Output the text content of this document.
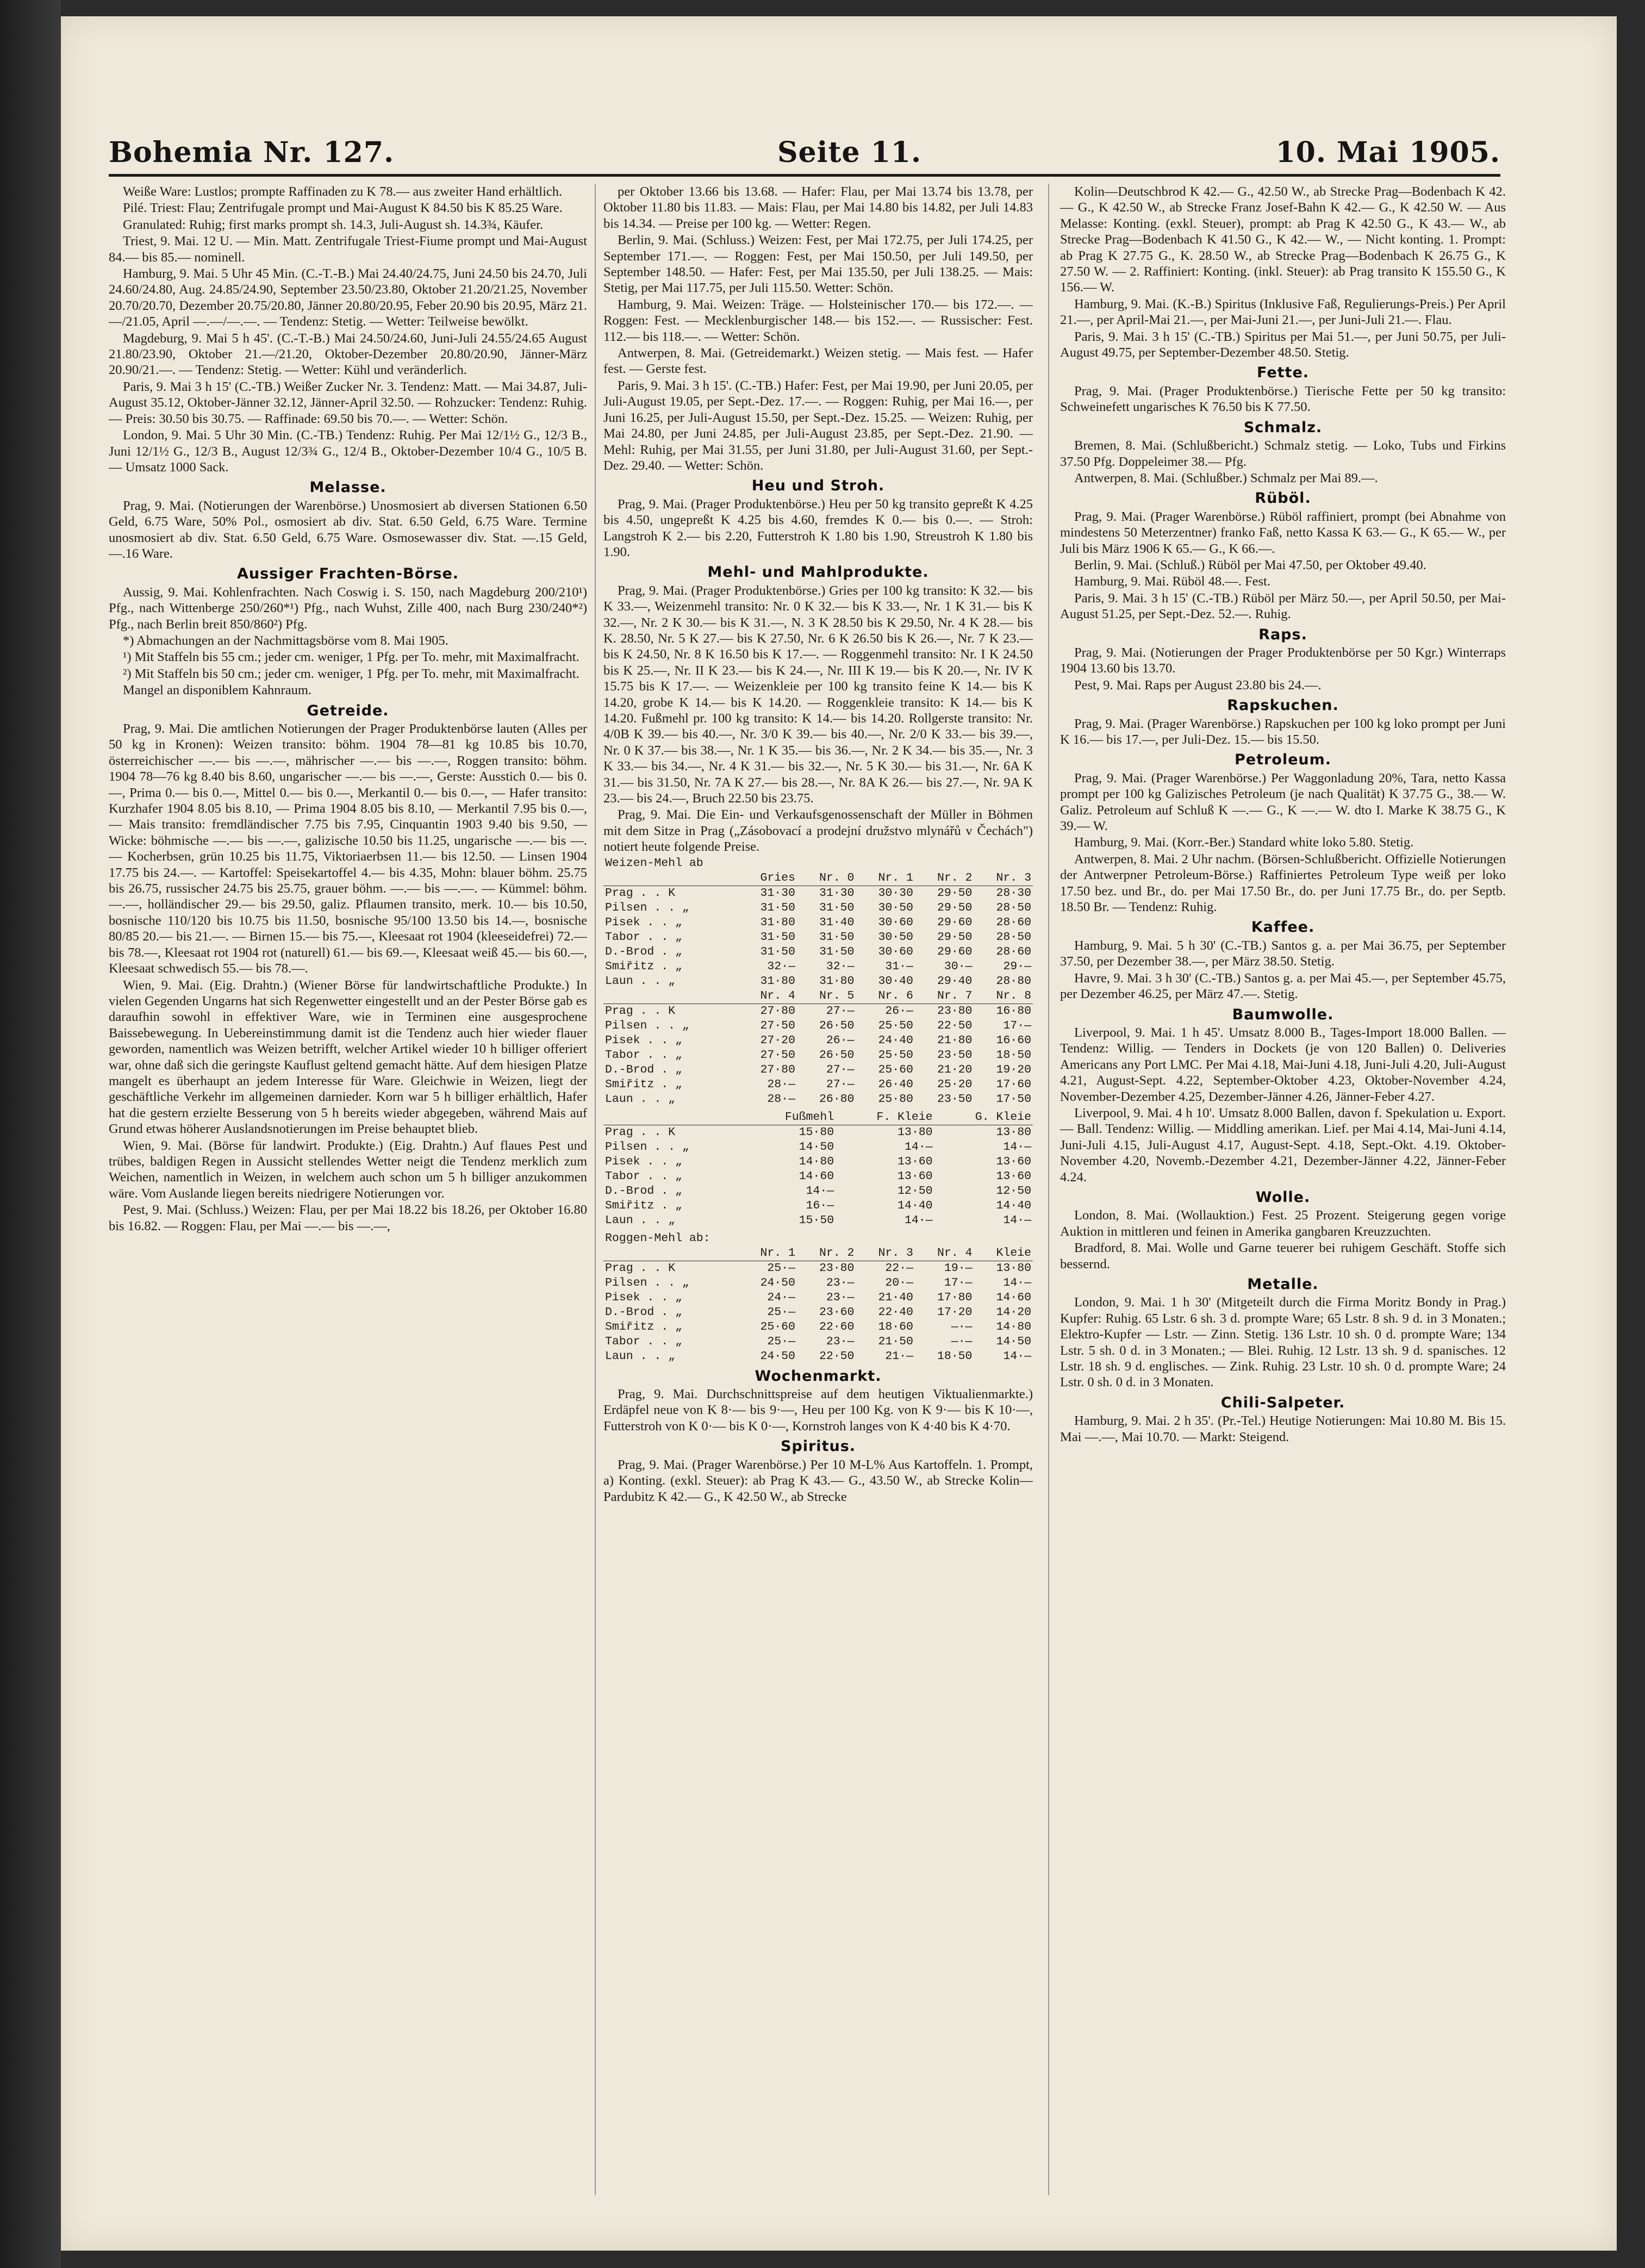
Bohemia Nr. 127.	Seite 11.	10. Mai 1905.

Weiße Ware: Lustlos; prompte Raffinaden zu K 78.— aus zweiter Hand erhältlich.

Pilé. Triest: Flau; Zentrifugale prompt und Mai-August K 84.50 bis K 85.25 Ware.

Granulated: Ruhig; first marks prompt sh. 14.3, Juli-August sh. 14.3¾, Käufer.

Triest, 9. Mai. 12 U. — Min. Matt. Zentrifugale Triest-Fiume prompt und Mai-August 84.— bis 85.— nominell.

Hamburg, 9. Mai. 5 Uhr 45 Min. (C.-T.-B.) Mai 24.40/24.75, Juni 24.50 bis 24.70, Juli 24.60/24.80, Aug. 24.85/24.90, September 23.50/23.80, Oktober 21.20/21.25, November 20.70/20.70, Dezember 20.75/20.80, Jänner 20.80/20.95, Feber 20.90 bis 20.95, März 21.—/21.05, April —.—/—.—. — Tendenz: Stetig. — Wetter: Teilweise bewölkt.

Magdeburg, 9. Mai 5 h 45'. (C.-T.-B.) Mai 24.50/24.60, Juni-Juli 24.55/24.65 August 21.80/23.90, Oktober 21.—/21.20, Oktober-Dezember 20.80/20.90, Jänner-März 20.90/21.—. — Tendenz: Stetig. — Wetter: Kühl und veränderlich.

Paris, 9. Mai 3 h 15' (C.-TB.) Weißer Zucker Nr. 3. Tendenz: Matt. — Mai 34.87, Juli-August 35.12, Oktober-Jänner 32.12, Jänner-April 32.50. — Rohzucker: Tendenz: Ruhig. — Preis: 30.50 bis 30.75. — Raffinade: 69.50 bis 70.—. — Wetter: Schön.

London, 9. Mai. 5 Uhr 30 Min. (C.-TB.) Tendenz: Ruhig. Per Mai 12/1½ G., 12/3 B., Juni 12/1½ G., 12/3 B., August 12/3¾ G., 12/4 B., Oktober-Dezember 10/4 G., 10/5 B. — Umsatz 1000 Sack.

Melasse.

Prag, 9. Mai. (Notierungen der Warenbörse.) Unosmosiert ab diversen Stationen 6.50 Geld, 6.75 Ware, 50% Pol., osmosiert ab div. Stat. 6.50 Geld, 6.75 Ware. Termine unosmosiert ab div. Stat. 6.50 Geld, 6.75 Ware. Osmosewasser div. Stat. —.15 Geld, —.16 Ware.

Aussiger Frachten-Börse.

Aussig, 9. Mai. Kohlenfrachten. Nach Coswig i. S. 150, nach Magdeburg 200/210¹) Pfg., nach Wittenberge 250/260*¹) Pfg., nach Wuhst, Zille 400, nach Burg 230/240*²) Pfg., nach Berlin breit 850/860²) Pfg.

*) Abmachungen an der Nachmittagsbörse vom 8. Mai 1905.

¹) Mit Staffeln bis 55 cm.; jeder cm. weniger, 1 Pfg. per To. mehr, mit Maximalfracht.

²) Mit Staffeln bis 50 cm.; jeder cm. weniger, 1 Pfg. per To. mehr, mit Maximalfracht.

Mangel an disponiblem Kahnraum.

Getreide.

Prag, 9. Mai. Die amtlichen Notierungen der Prager Produktenbörse lauten (Alles per 50 kg in Kronen): Weizen transito: böhm. 1904 78—81 kg 10.85 bis 10.70, österreichischer —.— bis —.—, mährischer —.— bis —.—, Roggen transito: böhm. 1904 78—76 kg 8.40 bis 8.60, ungarischer —.— bis —.—, Gerste: Ausstich 0.— bis 0.—, Prima 0.— bis 0.—, Mittel 0.— bis 0.—, Merkantil 0.— bis 0.—, — Hafer transito: Kurzhafer 1904 8.05 bis 8.10, — Prima 1904 8.05 bis 8.10, — Merkantil 7.95 bis 0.—, — Mais transito: fremdländischer 7.75 bis 7.95, Cinquantin 1903 9.40 bis 9.50, — Wicke: böhmische —.— bis —.—, galizische 10.50 bis 11.25, ungarische —.— bis —.— Kocherbsen, grün 10.25 bis 11.75, Viktoriaerbsen 11.— bis 12.50. — Linsen 1904 17.75 bis 24.—. — Kartoffel: Speisekartoffel 4.— bis 4.35, Mohn: blauer böhm. 25.75 bis 26.75, russischer 24.75 bis 25.75, grauer böhm. —.— bis —.—. — Kümmel: böhm. —.—, holländischer 29.— bis 29.50, galiz. Pflaumen transito, merk. 10.— bis 10.50, bosnische 110/120 bis 10.75 bis 11.50, bosnische 95/100 13.50 bis 14.—, bosnische 80/85 20.— bis 21.—. — Birnen 15.— bis 75.—, Kleesaat rot 1904 (kleeseidefrei) 72.— bis 78.—, Kleesaat rot 1904 rot (naturell) 61.— bis 69.—, Kleesaat weiß 45.— bis 60.—, Kleesaat schwedisch 55.— bis 78.—.

Wien, 9. Mai. (Eig. Drahtn.) (Wiener Börse für landwirtschaftliche Produkte.) In vielen Gegenden Ungarns hat sich Regenwetter eingestellt und an der Pester Börse gab es daraufhin sowohl in effektiver Ware, wie in Terminen eine ausgesprochene Baissebewegung. In Uebereinstimmung damit ist die Tendenz auch hier wieder flauer geworden, namentlich was Weizen betrifft, welcher Artikel wieder 10 h billiger offeriert war, ohne daß sich die geringste Kauflust geltend gemacht hätte. Auf dem hiesigen Platze mangelt es überhaupt an jedem Interesse für Ware. Gleichwie in Weizen, liegt der geschäftliche Verkehr im allgemeinen darnieder. Korn war 5 h billiger erhältlich, Hafer hat die gestern erzielte Besserung von 5 h bereits wieder abgegeben, während Mais auf Grund etwas höherer Auslandsnotierungen im Preise behauptet blieb.

Wien, 9. Mai. (Börse für landwirt. Produkte.) (Eig. Drahtn.) Auf flaues Pest und trübes, baldigen Regen in Aussicht stellendes Wetter neigt die Tendenz merklich zum Weichen, namentlich in Weizen, in welchem auch schon um 5 h billiger anzukommen wäre. Vom Auslande liegen bereits niedrigere Notierungen vor.

Pest, 9. Mai. (Schluss.) Weizen: Flau, per per Mai 18.22 bis 18.26, per Oktober 16.80 bis 16.82. — Roggen: Flau, per Mai —.— bis —.—,

per Oktober 13.66 bis 13.68. — Hafer: Flau, per Mai 13.74 bis 13.78, per Oktober 11.80 bis 11.83. — Mais: Flau, per Mai 14.80 bis 14.82, per Juli 14.83 bis 14.34. — Preise per 100 kg. — Wetter: Regen.

Berlin, 9. Mai. (Schluss.) Weizen: Fest, per Mai 172.75, per Juli 174.25, per September 171.—. — Roggen: Fest, per Mai 150.50, per Juli 149.50, per September 148.50. — Hafer: Fest, per Mai 135.50, per Juli 138.25. — Mais: Stetig, per Mai 117.75, per Juli 115.50. Wetter: Schön.

Hamburg, 9. Mai. Weizen: Träge. — Holsteinischer 170.— bis 172.—. — Roggen: Fest. — Mecklenburgischer 148.— bis 152.—. — Russischer: Fest. 112.— bis 118.—. — Wetter: Schön.

Antwerpen, 8. Mai. (Getreidemarkt.) Weizen stetig. — Mais fest. — Hafer fest. — Gerste fest.

Paris, 9. Mai. 3 h 15'. (C.-TB.) Hafer: Fest, per Mai 19.90, per Juni 20.05, per Juli-August 19.05, per Sept.-Dez. 17.—. — Roggen: Ruhig, per Mai 16.—, per Juni 16.25, per Juli-August 15.50, per Sept.-Dez. 15.25. — Weizen: Ruhig, per Mai 24.80, per Juni 24.85, per Juli-August 23.85, per Sept.-Dez. 21.90. — Mehl: Ruhig, per Mai 31.55, per Juni 31.80, per Juli-August 31.60, per Sept.-Dez. 29.40. — Wetter: Schön.

Heu und Stroh.

Prag, 9. Mai. (Prager Produktenbörse.) Heu per 50 kg transito gepreßt K 4.25 bis 4.50, ungepreßt K 4.25 bis 4.60, fremdes K 0.— bis 0.—. — Stroh: Langstroh K 2.— bis 2.20, Futterstroh K 1.80 bis 1.90, Streustroh K 1.80 bis 1.90.

Mehl- und Mahlprodukte.

Prag, 9. Mai. (Prager Produktenbörse.) Gries per 100 kg transito: K 32.— bis K 33.—, Weizenmehl transito: Nr. 0 K 32.— bis K 33.—, Nr. 1 K 31.— bis K 32.—, Nr. 2 K 30.— bis K 31.—, N. 3 K 28.50 bis K 29.50, Nr. 4 K 28.— bis K. 28.50, Nr. 5 K 27.— bis K 27.50, Nr. 6 K 26.50 bis K 26.—, Nr. 7 K 23.— bis K 24.50, Nr. 8 K 16.50 bis K 17.—. — Roggenmehl transito: Nr. I K 24.50 bis K 25.—, Nr. II K 23.— bis K 24.—, Nr. III K 19.— bis K 20.—, Nr. IV K 15.75 bis K 17.—. — Weizenkleie per 100 kg transito feine K 14.— bis K 14.20, grobe K 14.— bis K 14.20. — Roggenkleie transito: K 14.— bis K 14.20. Fußmehl pr. 100 kg transito: K 14.— bis 14.20. Rollgerste transito: Nr. 4/0B K 39.— bis 40.—, Nr. 3/0 K 39.— bis 40.—, Nr. 2/0 K 33.— bis 39.—, Nr. 0 K 37.— bis 38.—, Nr. 1 K 35.— bis 36.—, Nr. 2 K 34.— bis 35.—, Nr. 3 K 33.— bis 34.—, Nr. 4 K 31.— bis 32.—, Nr. 5 K 30.— bis 31.—, Nr. 6A K 31.— bis 31.50, Nr. 7A K 27.— bis 28.—, Nr. 8A K 26.— bis 27.—, Nr. 9A K 23.— bis 24.—, Bruch 22.50 bis 23.75.

Prag, 9. Mai. Die Ein- und Verkaufsgenossenschaft der Müller in Böhmen mit dem Sitze in Prag („Zásobovací a prodejní družstvo mlynářů v Čechách") notiert heute folgende Preise.

Weizen-Mehl ab					
	Gries	Nr. 0	Nr. 1	Nr. 2	Nr. 3
Prag . . K	31·30	31·30	30·30	29·50	28·30
Pilsen . . „	31·50	31·50	30·50	29·50	28·50
Pisek . . „	31·80	31·40	30·60	29·60	28·60
Tabor . . „	31·50	31·50	30·50	29·50	28·50
D.-Brod . „	31·50	31·50	30·60	29·60	28·60
Smiřitz . „	32·—	32·—	31·—	30·—	29·—
Laun . . „	31·80	31·80	30·40	29·40	28·80
	Nr. 4	Nr. 5	Nr. 6	Nr. 7	Nr. 8
Prag . . K	27·80	27·—	26·—	23·80	16·80
Pilsen . . „	27·50	26·50	25·50	22·50	17·—
Pisek . . „	27·20	26·—	24·40	21·80	16·60
Tabor . . „	27·50	26·50	25·50	23·50	18·50
D.-Brod . „	27·80	27·—	25·60	21·20	19·20
Smiřitz . „	28·—	27·—	26·40	25·20	17·60
Laun . . „	28·—	26·80	25·80	23·50	17·50
	Fußmehl	F. Kleie	G. Kleie
Prag . . K	15·80	13·80	13·80
Pilsen . . „	14·50	14·—	14·—
Pisek . . „	14·80	13·60	13·60
Tabor . . „	14·60	13·60	13·60
D.-Brod . „	14·—	12·50	12·50
Smiřitz . „	16·—	14·40	14·40
Laun . . „	15·50	14·—	14·—
Roggen-Mehl ab:					
	Nr. 1	Nr. 2	Nr. 3	Nr. 4	Kleie
Prag . . K	25·—	23·80	22·—	19·—	13·80
Pilsen . . „	24·50	23·—	20·—	17·—	14·—
Pisek . . „	24·—	23·—	21·40	17·80	14·60
D.-Brod . „	25·—	23·60	22·40	17·20	14·20
Smiřitz . „	25·60	22·60	18·60	—·—	14·80
Tabor . . „	25·—	23·—	21·50	—·—	14·50
Laun . . „	24·50	22·50	21·—	18·50	14·—
Wochenmarkt.

Prag, 9. Mai. Durchschnittspreise auf dem heutigen Viktualienmarkte.) Erdäpfel neue von K 8·— bis 9·—, Heu per 100 Kg. von K 9·— bis K 10·—, Futterstroh von K 0·— bis K 0·—, Kornstroh langes von K 4·40 bis K 4·70.

Spiritus.

Prag, 9. Mai. (Prager Warenbörse.) Per 10 M-L% Aus Kartoffeln. 1. Prompt, a) Konting. (exkl. Steuer): ab Prag K 43.— G., 43.50 W., ab Strecke Kolin—Pardubitz K 42.— G., K 42.50 W., ab Strecke

Kolin—Deutschbrod K 42.— G., 42.50 W., ab Strecke Prag—Bodenbach K 42.— G., K 42.50 W., ab Strecke Franz Josef-Bahn K 42.— G., K 42.50 W. — Aus Melasse: Konting. (exkl. Steuer), prompt: ab Prag K 42.50 G., K 43.— W., ab Strecke Prag—Bodenbach K 41.50 G., K 42.— W., — Nicht konting. 1. Prompt: ab Prag K 27.75 G., K. 28.50 W., ab Strecke Prag—Bodenbach K 26.75 G., K 27.50 W. — 2. Raffiniert: Konting. (inkl. Steuer): ab Prag transito K 155.50 G., K 156.— W.

Hamburg, 9. Mai. (K.-B.) Spiritus (Inklusive Faß, Regulierungs-Preis.) Per April 21.—, per April-Mai 21.—, per Mai-Juni 21.—, per Juni-Juli 21.—. Flau.

Paris, 9. Mai. 3 h 15' (C.-TB.) Spiritus per Mai 51.—, per Juni 50.75, per Juli-August 49.75, per September-Dezember 48.50. Stetig.

Fette.

Prag, 9. Mai. (Prager Produktenbörse.) Tierische Fette per 50 kg transito: Schweinefett ungarisches K 76.50 bis K 77.50.

Schmalz.

Bremen, 8. Mai. (Schlußbericht.) Schmalz stetig. — Loko, Tubs und Firkins 37.50 Pfg. Doppeleimer 38.— Pfg.

Antwerpen, 8. Mai. (Schlußber.) Schmalz per Mai 89.—.

Rüböl.

Prag, 9. Mai. (Prager Warenbörse.) Rüböl raffiniert, prompt (bei Abnahme von mindestens 50 Meterzentner) franko Faß, netto Kassa K 63.— G., K 65.— W., per Juli bis März 1906 K 65.— G., K 66.—.

Berlin, 9. Mai. (Schluß.) Rüböl per Mai 47.50, per Oktober 49.40.

Hamburg, 9. Mai. Rüböl 48.—. Fest.

Paris, 9. Mai. 3 h 15' (C.-TB.) Rüböl per März 50.—, per April 50.50, per Mai-August 51.25, per Sept.-Dez. 52.—. Ruhig.

Raps.

Prag, 9. Mai. (Notierungen der Prager Produktenbörse per 50 Kgr.) Winterraps 1904 13.60 bis 13.70.

Pest, 9. Mai. Raps per August 23.80 bis 24.—.

Rapskuchen.

Prag, 9. Mai. (Prager Warenbörse.) Rapskuchen per 100 kg loko prompt per Juni K 16.— bis 17.—, per Juli-Dez. 15.— bis 15.50.

Petroleum.

Prag, 9. Mai. (Prager Warenbörse.) Per Waggonladung 20%, Tara, netto Kassa prompt per 100 kg Galizisches Petroleum (je nach Qualität) K 37.75 G., 38.— W. Galiz. Petroleum auf Schluß K —.— G., K —.— W. dto I. Marke K 38.75 G., K 39.— W.

Hamburg, 9. Mai. (Korr.-Ber.) Standard white loko 5.80. Stetig.

Antwerpen, 8. Mai. 2 Uhr nachm. (Börsen-Schlußbericht. Offizielle Notierungen der Antwerpner Petroleum-Börse.) Raffiniertes Petroleum Type weiß per loko 17.50 bez. und Br., do. per Mai 17.50 Br., do. per Juni 17.75 Br., do. per Septb. 18.50 Br. — Tendenz: Ruhig.

Kaffee.

Hamburg, 9. Mai. 5 h 30' (C.-TB.) Santos g. a. per Mai 36.75, per September 37.50, per Dezember 38.—, per März 38.50. Stetig.

Havre, 9. Mai. 3 h 30' (C.-TB.) Santos g. a. per Mai 45.—, per September 45.75, per Dezember 46.25, per März 47.—. Stetig.

Baumwolle.

Liverpool, 9. Mai. 1 h 45'. Umsatz 8.000 B., Tages-Import 18.000 Ballen. — Tendenz: Willig. — Tenders in Dockets (je von 120 Ballen) 0. Deliveries Americans any Port LMC. Per Mai 4.18, Mai-Juni 4.18, Juni-Juli 4.20, Juli-August 4.21, August-Sept. 4.22, September-Oktober 4.23, Oktober-November 4.24, November-Dezember 4.25, Dezember-Jänner 4.26, Jänner-Feber 4.27.

Liverpool, 9. Mai. 4 h 10'. Umsatz 8.000 Ballen, davon f. Spekulation u. Export. — Ball. Tendenz: Willig. — Middling amerikan. Lief. per Mai 4.14, Mai-Juni 4.14, Juni-Juli 4.15, Juli-August 4.17, August-Sept. 4.18, Sept.-Okt. 4.19. Oktober-November 4.20, Novemb.-Dezember 4.21, Dezember-Jänner 4.22, Jänner-Feber 4.24.

Wolle.

London, 8. Mai. (Wollauktion.) Fest. 25 Prozent. Steigerung gegen vorige Auktion in mittleren und feinen in Amerika gangbaren Kreuzzuchten.

Bradford, 8. Mai. Wolle und Garne teuerer bei ruhigem Geschäft. Stoffe sich bessernd.

Metalle.

London, 9. Mai. 1 h 30' (Mitgeteilt durch die Firma Moritz Bondy in Prag.) Kupfer: Ruhig. 65 Lstr. 6 sh. 3 d. prompte Ware; 65 Lstr. 8 sh. 9 d. in 3 Monaten.; Elektro-Kupfer — Lstr. — Zinn. Stetig. 136 Lstr. 10 sh. 0 d. prompte Ware; 134 Lstr. 5 sh. 0 d. in 3 Monaten.; — Blei. Ruhig. 12 Lstr. 13 sh. 9 d. spanisches. 12 Lstr. 18 sh. 9 d. englisches. — Zink. Ruhig. 23 Lstr. 10 sh. 0 d. prompte Ware; 24 Lstr. 0 sh. 0 d. in 3 Monaten.

Chili-Salpeter.

Hamburg, 9. Mai. 2 h 35'. (Pr.-Tel.) Heutige Notierungen: Mai 10.80 M. Bis 15. Mai —.—, Mai 10.70. — Markt: Steigend.
